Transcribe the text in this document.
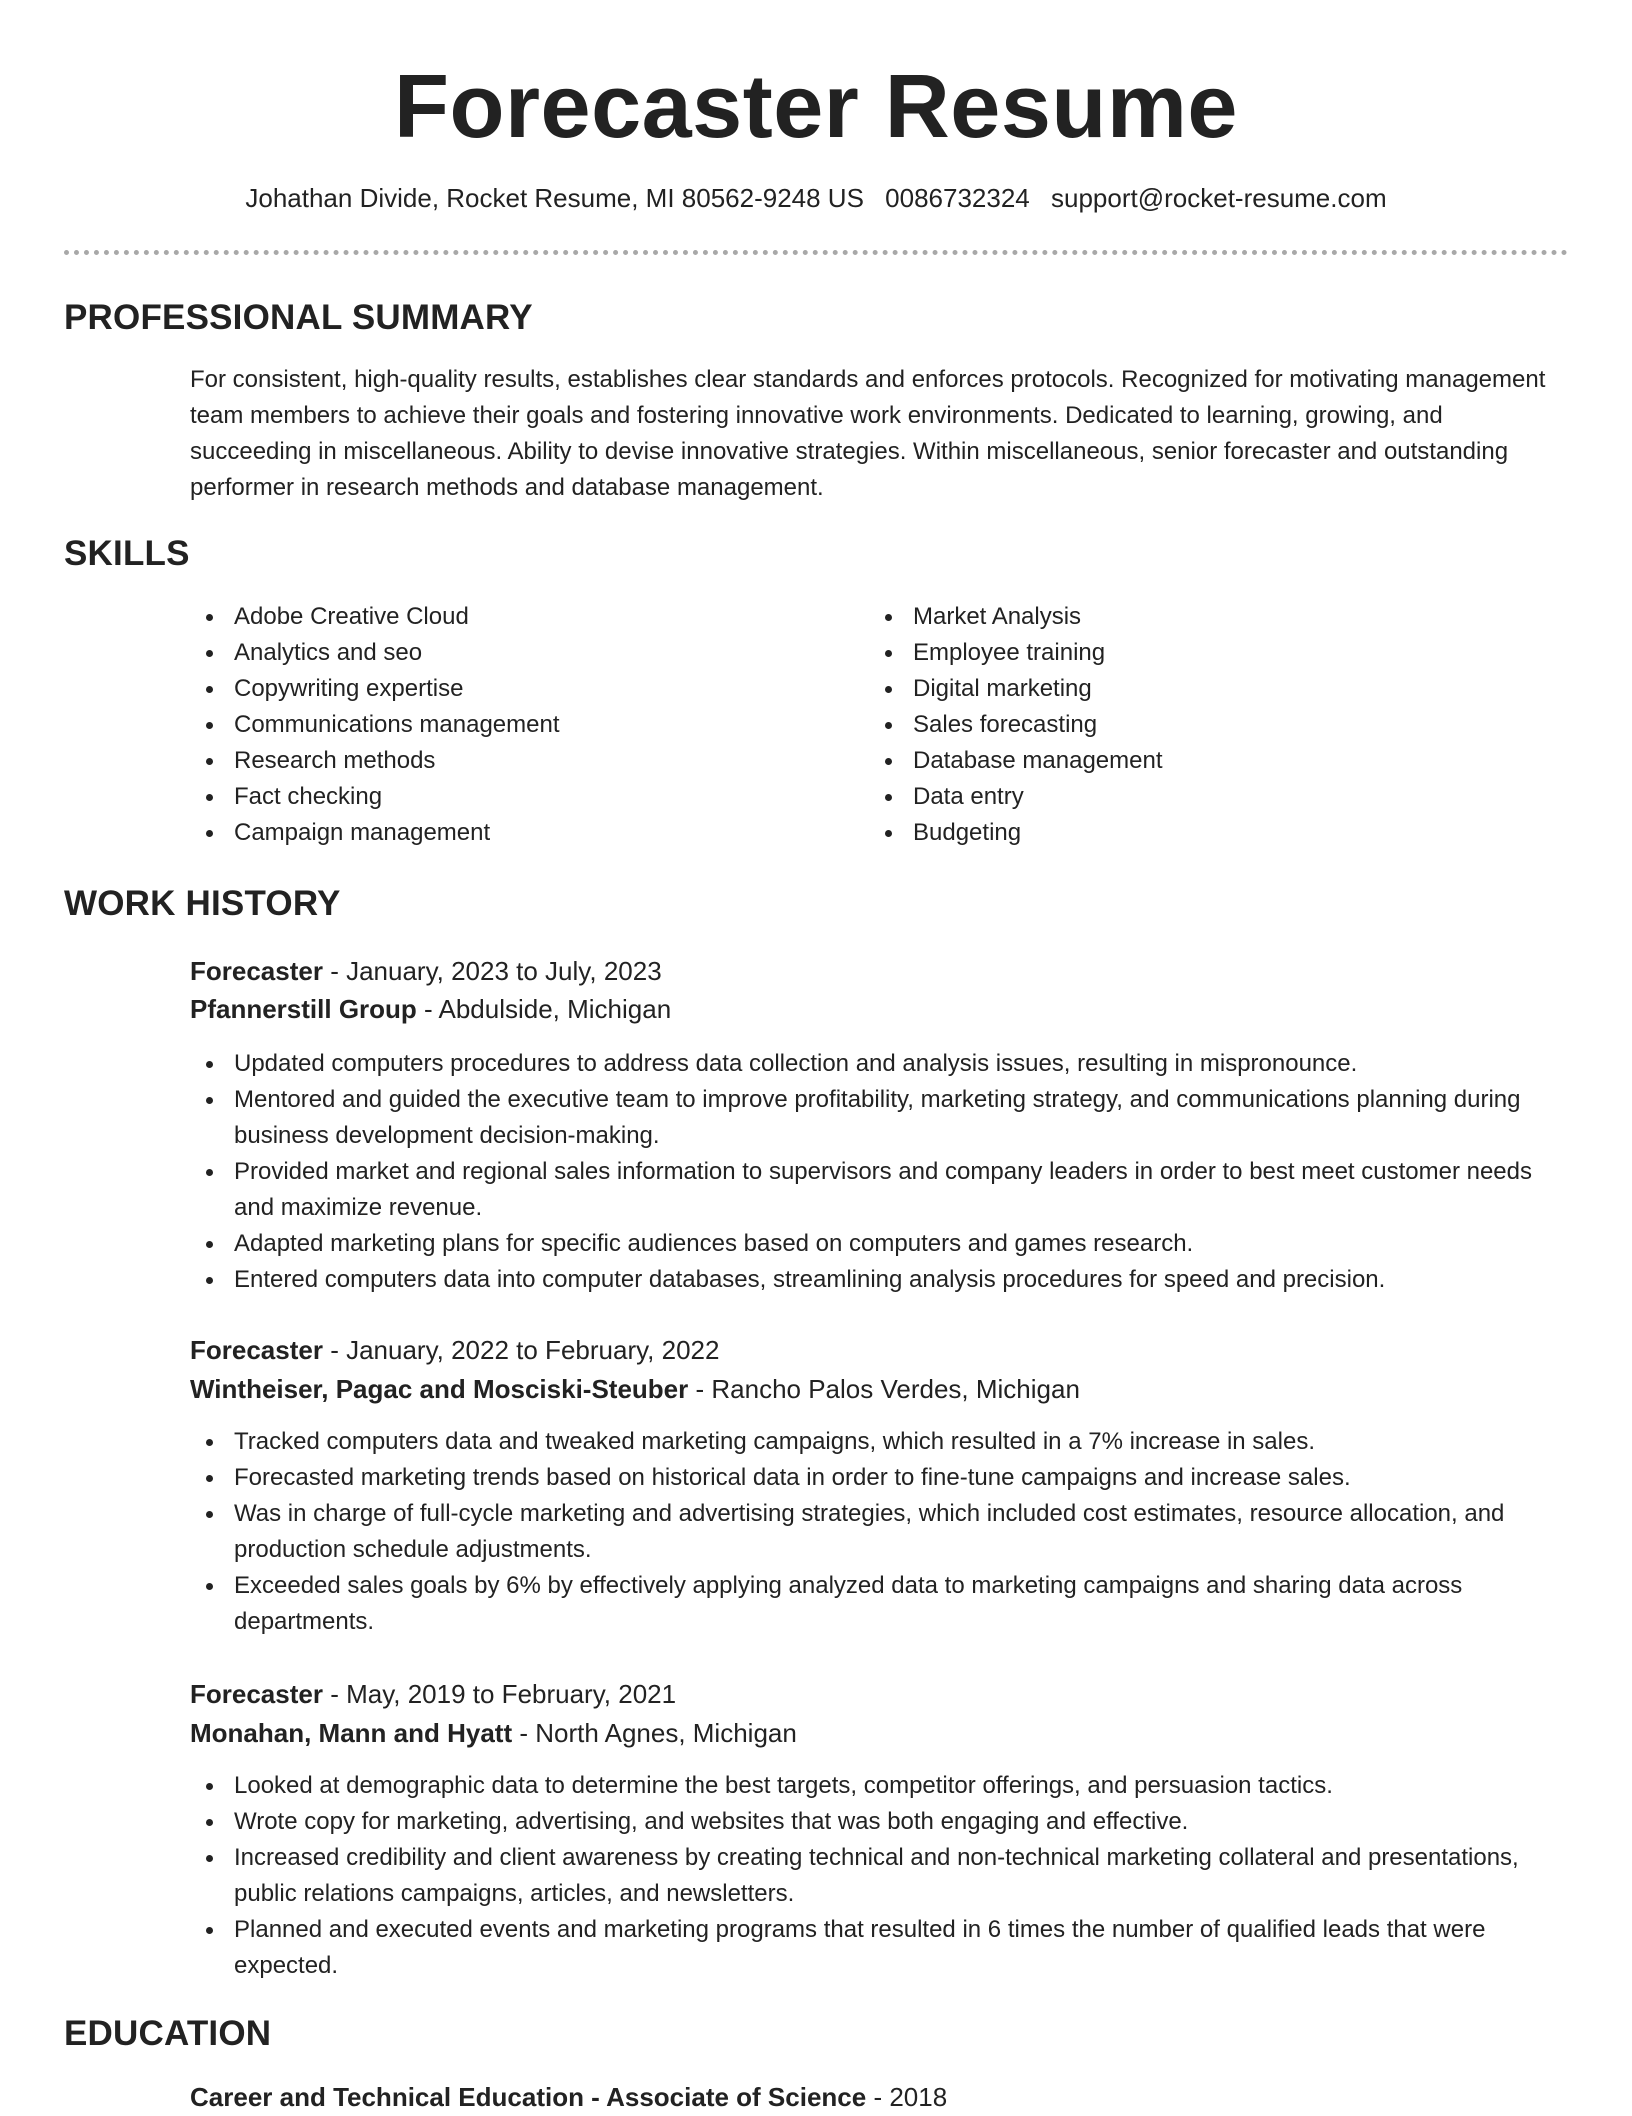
Forecaster Resume
Johathan Divide, Rocket Resume, MI 80562-9248 US 0086732324 support@rocket-resume.com
PROFESSIONAL SUMMARY
For consistent, high-quality results, establishes clear standards and enforces protocols. Recognized for motivating management team members to achieve their goals and fostering innovative work environments. Dedicated to learning, growing, and succeeding in miscellaneous. Ability to devise innovative strategies. Within miscellaneous, senior forecaster and outstanding performer in research methods and database management.
SKILLS
Adobe Creative Cloud
Analytics and seo
Copywriting expertise
Communications management
Research methods
Fact checking
Campaign management
Market Analysis
Employee training
Digital marketing
Sales forecasting
Database management
Data entry
Budgeting
WORK HISTORY
Forecaster - January, 2023 to July, 2023
Pfannerstill Group - Abdulside, Michigan
Updated computers procedures to address data collection and analysis issues, resulting in mispronounce.
Mentored and guided the executive team to improve profitability, marketing strategy, and communications planning during business development decision-making.
Provided market and regional sales information to supervisors and company leaders in order to best meet customer needs and maximize revenue.
Adapted marketing plans for specific audiences based on computers and games research.
Entered computers data into computer databases, streamlining analysis procedures for speed and precision.
Forecaster - January, 2022 to February, 2022
Wintheiser, Pagac and Mosciski-Steuber - Rancho Palos Verdes, Michigan
Tracked computers data and tweaked marketing campaigns, which resulted in a 7% increase in sales.
Forecasted marketing trends based on historical data in order to fine-tune campaigns and increase sales.
Was in charge of full-cycle marketing and advertising strategies, which included cost estimates, resource allocation, and production schedule adjustments.
Exceeded sales goals by 6% by effectively applying analyzed data to marketing campaigns and sharing data across departments.
Forecaster - May, 2019 to February, 2021
Monahan, Mann and Hyatt - North Agnes, Michigan
Looked at demographic data to determine the best targets, competitor offerings, and persuasion tactics.
Wrote copy for marketing, advertising, and websites that was both engaging and effective.
Increased credibility and client awareness by creating technical and non-technical marketing collateral and presentations, public relations campaigns, articles, and newsletters.
Planned and executed events and marketing programs that resulted in 6 times the number of qualified leads that were expected.
EDUCATION
Career and Technical Education - Associate of Science - 2018
